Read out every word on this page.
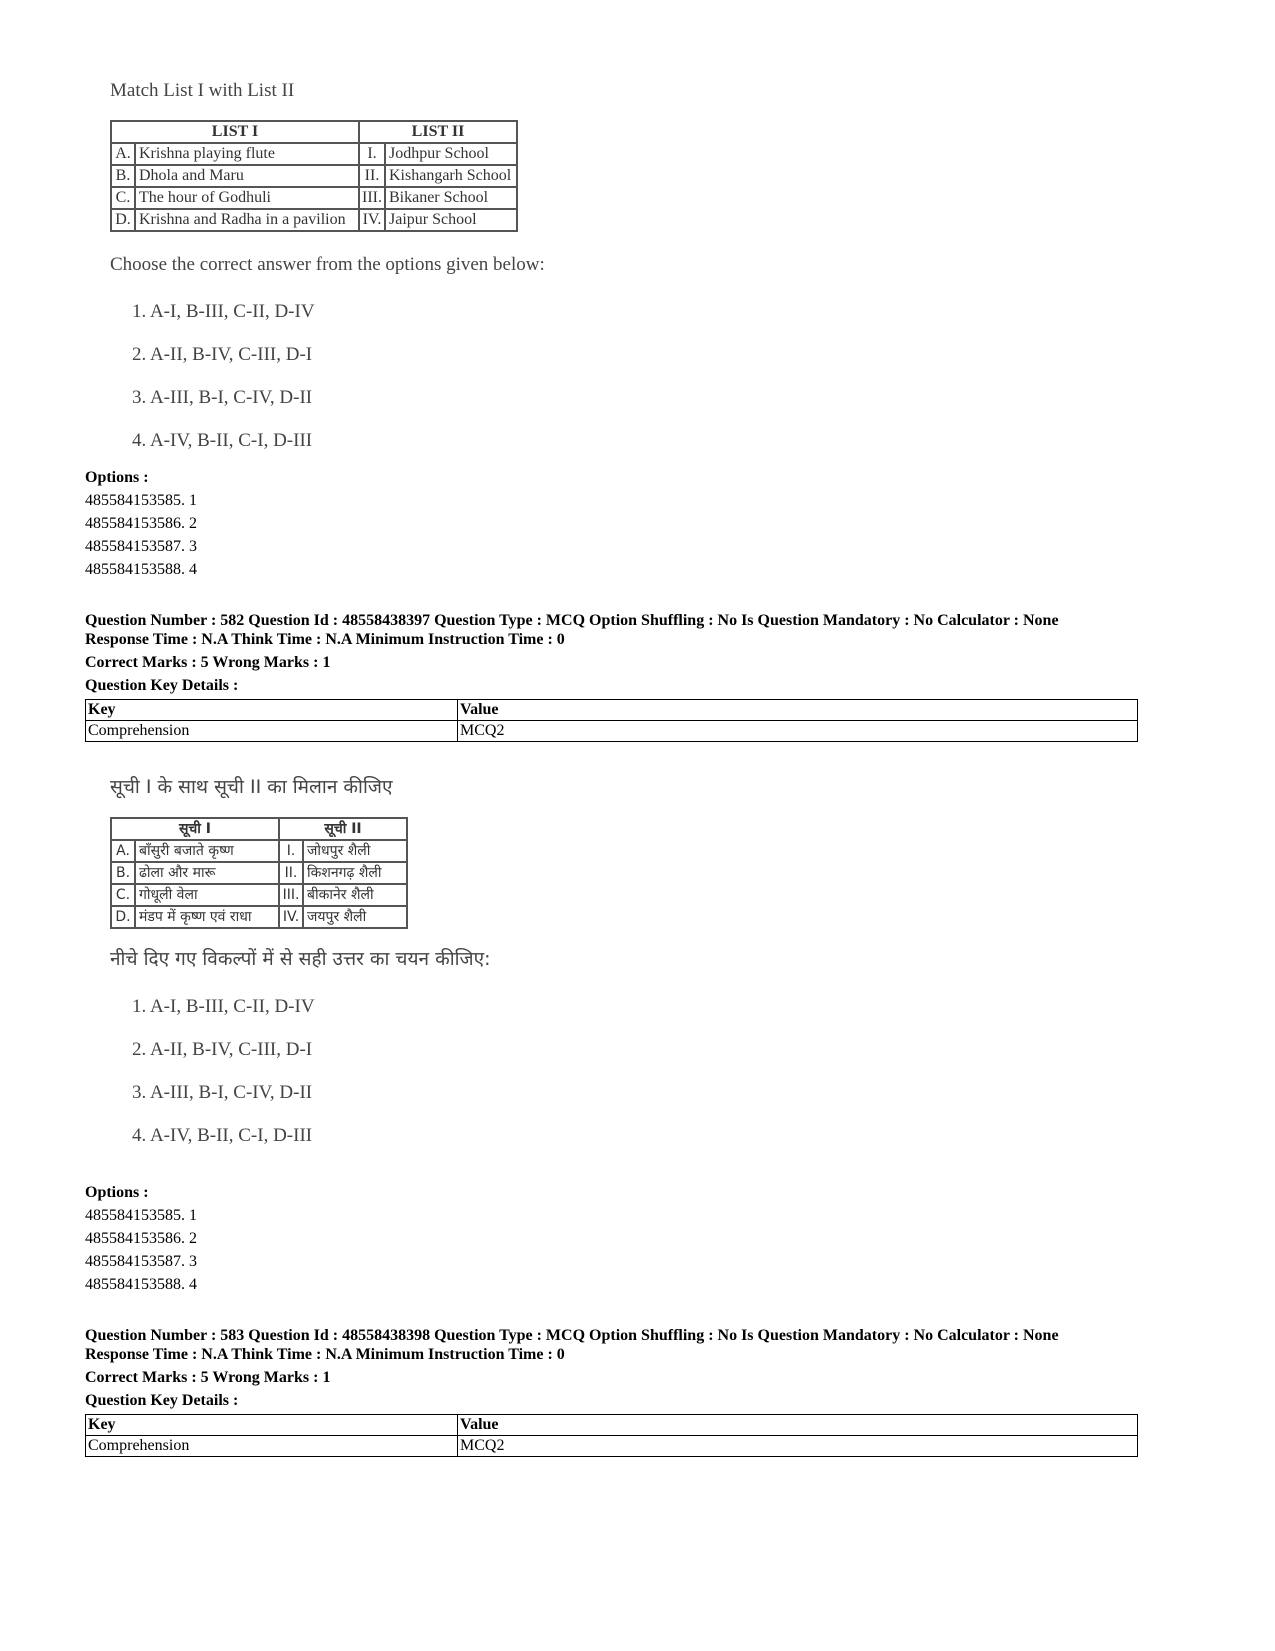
Match List I with List II
LIST I		LIST II	
A.	Krishna playing flute	I.	Jodhpur School
B.	Dhola and Maru	II.	Kishangarh School
C.	The hour of Godhuli	III.	Bikaner School
D.	Krishna and Radha in a pavilion	IV.	Jaipur School
Choose the correct answer from the options given below:
1. A-I, B-III, C-II, D-IV
2. A-II, B-IV, C-III, D-I
3. A-III, B-I, C-IV, D-II
4. A-IV, B-II, C-I, D-III
Options :
485584153585. 1
485584153586. 2
485584153587. 3
485584153588. 4
Question Number : 582 Question Id : 48558438397 Question Type : MCQ Option Shuffling : No Is Question Mandatory : No Calculator : None
Response Time : N.A Think Time : N.A Minimum Instruction Time : 0
Correct Marks : 5 Wrong Marks : 1
Question Key Details :
Key	Value
Comprehension	MCQ2
सूची I के साथ सूची II का मिलान कीजिए
सूची I		सूची II	
A.	बाँसुरी बजाते कृष्ण	I.	जोधपुर शैली
B.	ढोला और मारू	II.	किशनगढ़ शैली
C.	गोधूली वेला	III.	बीकानेर शैली
D.	मंडप में कृष्ण एवं राधा	IV.	जयपुर शैली
नीचे दिए गए विकल्पों में से सही उत्तर का चयन कीजिए:
1. A-I, B-III, C-II, D-IV
2. A-II, B-IV, C-III, D-I
3. A-III, B-I, C-IV, D-II
4. A-IV, B-II, C-I, D-III
Options :
485584153585. 1
485584153586. 2
485584153587. 3
485584153588. 4
Question Number : 583 Question Id : 48558438398 Question Type : MCQ Option Shuffling : No Is Question Mandatory : No Calculator : None
Response Time : N.A Think Time : N.A Minimum Instruction Time : 0
Correct Marks : 5 Wrong Marks : 1
Question Key Details :
Key	Value
Comprehension	MCQ2
